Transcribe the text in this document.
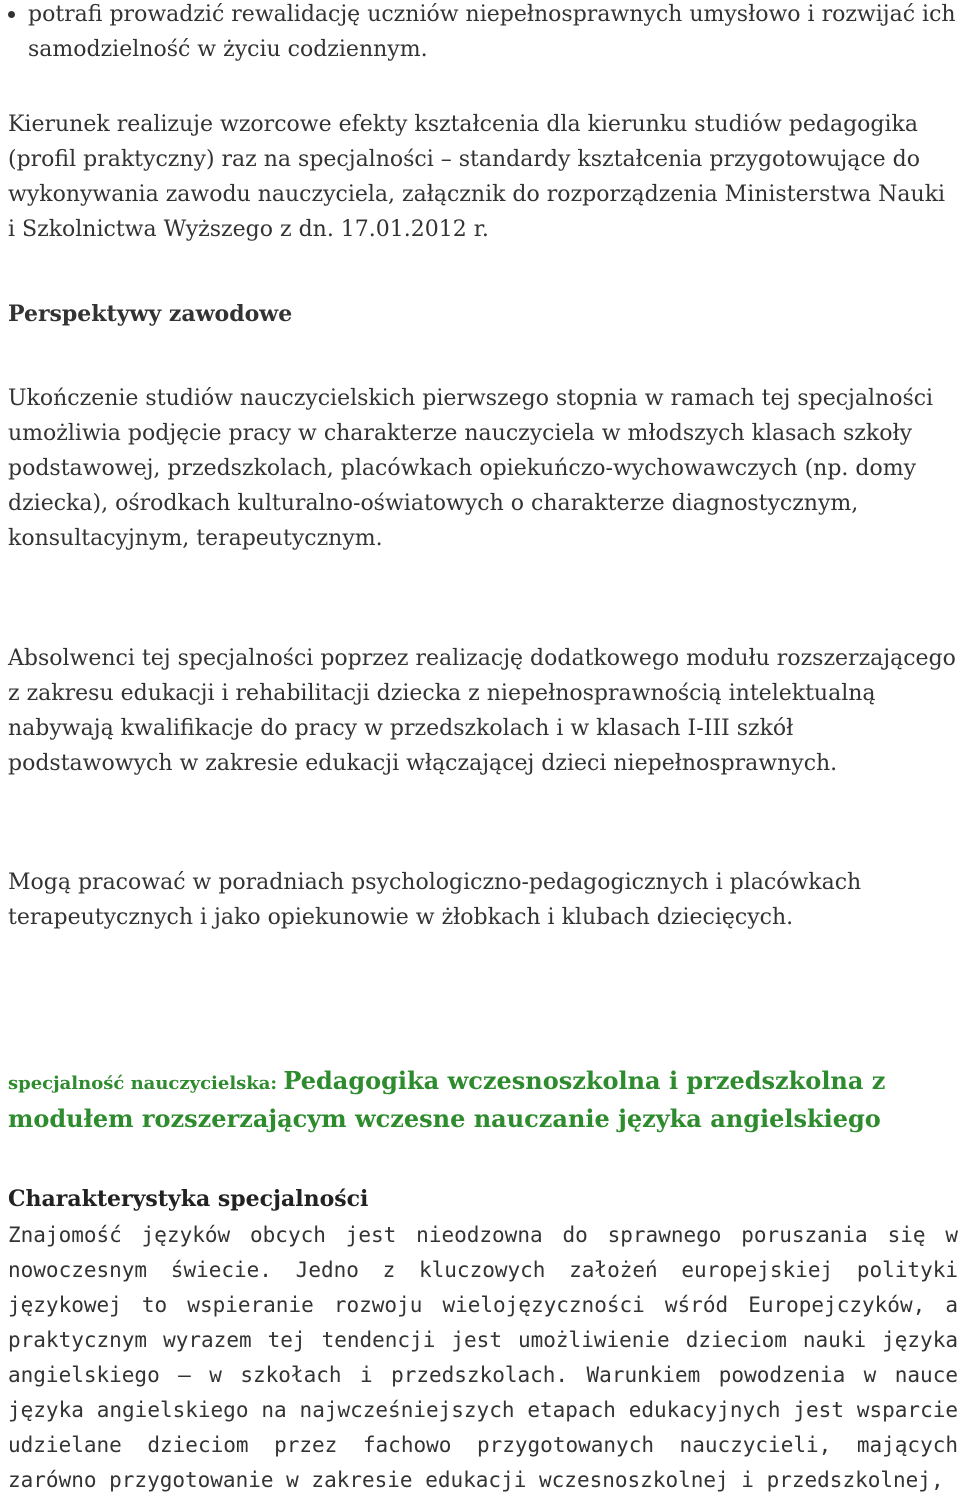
potrafi prowadzić rewalidację uczniów niepełnosprawnych umysłowo i rozwijać ich samodzielność w życiu codziennym.

Kierunek realizuje wzorcowe efekty kształcenia dla kierunku studiów pedagogika (profil praktyczny) raz na specjalności – standardy kształcenia przygotowujące do wykonywania zawodu nauczyciela, załącznik do rozporządzenia Ministerstwa Nauki i Szkolnictwa Wyższego z dn. 17.01.2012 r.

Perspektywy zawodowe

Ukończenie studiów nauczycielskich pierwszego stopnia w ramach tej specjalności umożliwia podjęcie pracy w charakterze nauczyciela w młodszych klasach szkoły podstawowej, przedszkolach, placówkach opiekuńczo-wychowawczych (np. domy dziecka), ośrodkach kulturalno-oświatowych o charakterze diagnostycznym, konsultacyjnym, terapeutycznym.

Absolwenci tej specjalności poprzez realizację dodatkowego modułu rozszerzającego z zakresu edukacji i rehabilitacji dziecka z niepełnosprawnością intelektualną nabywają kwalifikacje do pracy w przedszkolach i w klasach I-III szkół podstawowych w zakresie edukacji włączającej dzieci niepełnosprawnych.

Mogą pracować w poradniach psychologiczno-pedagogicznych i placówkach terapeutycznych i jako opiekunowie w żłobkach i klubach dziecięcych.

specjalność nauczycielska: Pedagogika wczesnoszkolna i przedszkolna z modułem rozszerzającym wczesne nauczanie języka angielskiego

Charakterystyka specjalności

Znajomość języków obcych jest nieodzowna do sprawnego poruszania się w nowoczesnym świecie. Jedno z kluczowych założeń europejskiej polityki językowej to wspieranie rozwoju wielojęzyczności wśród Europejczyków, a praktycznym wyrazem tej tendencji jest umożliwienie dzieciom nauki języka angielskiego – w szkołach i przedszkolach. Warunkiem powodzenia w nauce języka angielskiego na najwcześniejszych etapach edukacyjnych jest wsparcie udzielane dzieciom przez fachowo przygotowanych nauczycieli, mających zarówno przygotowanie w zakresie edukacji wczesnoszkolnej i przedszkolnej,
